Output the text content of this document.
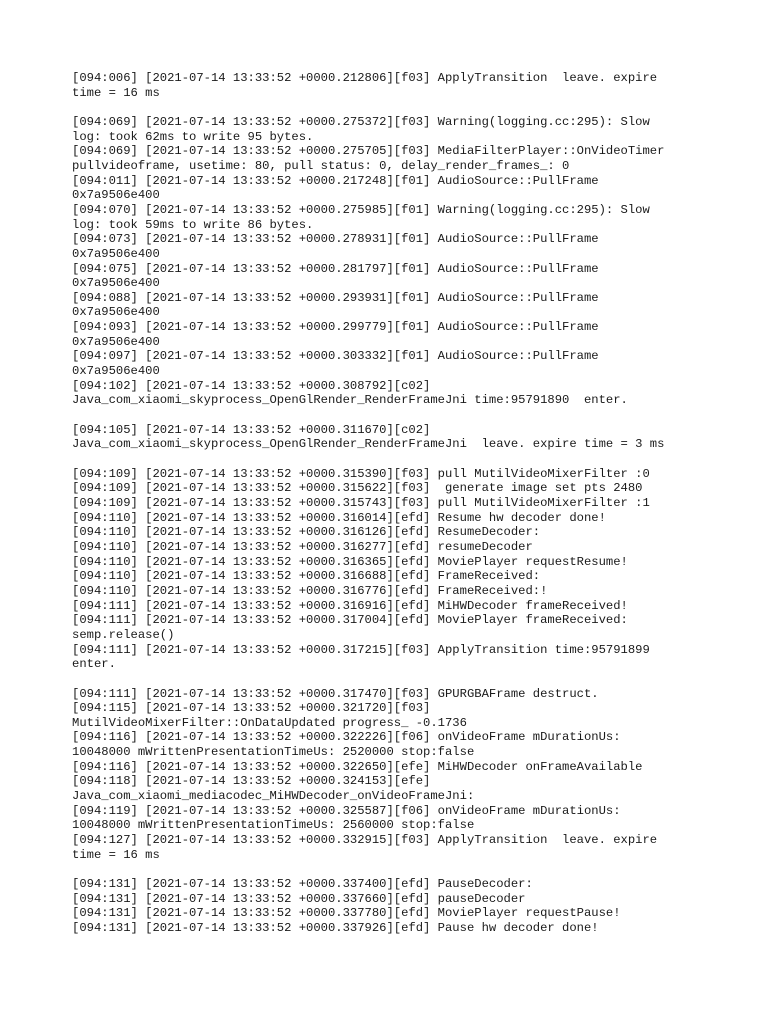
[094:006] [2021-07-14 13:33:52 +0000.212806][f03] ApplyTransition  leave. expire
time = 16 ms
[094:069] [2021-07-14 13:33:52 +0000.275372][f03] Warning(logging.cc:295): Slow
log: took 62ms to write 95 bytes.
[094:069] [2021-07-14 13:33:52 +0000.275705][f03] MediaFilterPlayer::OnVideoTimer
pullvideoframe, usetime: 80, pull status: 0, delay_render_frames_: 0
[094:011] [2021-07-14 13:33:52 +0000.217248][f01] AudioSource::PullFrame
0x7a9506e400
[094:070] [2021-07-14 13:33:52 +0000.275985][f01] Warning(logging.cc:295): Slow
log: took 59ms to write 86 bytes.
[094:073] [2021-07-14 13:33:52 +0000.278931][f01] AudioSource::PullFrame
0x7a9506e400
[094:075] [2021-07-14 13:33:52 +0000.281797][f01] AudioSource::PullFrame
0x7a9506e400
[094:088] [2021-07-14 13:33:52 +0000.293931][f01] AudioSource::PullFrame
0x7a9506e400
[094:093] [2021-07-14 13:33:52 +0000.299779][f01] AudioSource::PullFrame
0x7a9506e400
[094:097] [2021-07-14 13:33:52 +0000.303332][f01] AudioSource::PullFrame
0x7a9506e400
[094:102] [2021-07-14 13:33:52 +0000.308792][c02]
Java_com_xiaomi_skyprocess_OpenGlRender_RenderFrameJni time:95791890  enter.
[094:105] [2021-07-14 13:33:52 +0000.311670][c02]
Java_com_xiaomi_skyprocess_OpenGlRender_RenderFrameJni  leave. expire time = 3 ms
[094:109] [2021-07-14 13:33:52 +0000.315390][f03] pull MutilVideoMixerFilter :0
[094:109] [2021-07-14 13:33:52 +0000.315622][f03]  generate image set pts 2480
[094:109] [2021-07-14 13:33:52 +0000.315743][f03] pull MutilVideoMixerFilter :1
[094:110] [2021-07-14 13:33:52 +0000.316014][efd] Resume hw decoder done!
[094:110] [2021-07-14 13:33:52 +0000.316126][efd] ResumeDecoder:
[094:110] [2021-07-14 13:33:52 +0000.316277][efd] resumeDecoder
[094:110] [2021-07-14 13:33:52 +0000.316365][efd] MoviePlayer requestResume!
[094:110] [2021-07-14 13:33:52 +0000.316688][efd] FrameReceived:
[094:110] [2021-07-14 13:33:52 +0000.316776][efd] FrameReceived:!
[094:111] [2021-07-14 13:33:52 +0000.316916][efd] MiHWDecoder frameReceived!
[094:111] [2021-07-14 13:33:52 +0000.317004][efd] MoviePlayer frameReceived:
semp.release()
[094:111] [2021-07-14 13:33:52 +0000.317215][f03] ApplyTransition time:95791899
enter.
[094:111] [2021-07-14 13:33:52 +0000.317470][f03] GPURGBAFrame destruct.
[094:115] [2021-07-14 13:33:52 +0000.321720][f03]
MutilVideoMixerFilter::OnDataUpdated progress_ -0.1736
[094:116] [2021-07-14 13:33:52 +0000.322226][f06] onVideoFrame mDurationUs:
10048000 mWrittenPresentationTimeUs: 2520000 stop:false
[094:116] [2021-07-14 13:33:52 +0000.322650][efe] MiHWDecoder onFrameAvailable
[094:118] [2021-07-14 13:33:52 +0000.324153][efe]
Java_com_xiaomi_mediacodec_MiHWDecoder_onVideoFrameJni:
[094:119] [2021-07-14 13:33:52 +0000.325587][f06] onVideoFrame mDurationUs:
10048000 mWrittenPresentationTimeUs: 2560000 stop:false
[094:127] [2021-07-14 13:33:52 +0000.332915][f03] ApplyTransition  leave. expire
time = 16 ms
[094:131] [2021-07-14 13:33:52 +0000.337400][efd] PauseDecoder:
[094:131] [2021-07-14 13:33:52 +0000.337660][efd] pauseDecoder
[094:131] [2021-07-14 13:33:52 +0000.337780][efd] MoviePlayer requestPause!
[094:131] [2021-07-14 13:33:52 +0000.337926][efd] Pause hw decoder done!
